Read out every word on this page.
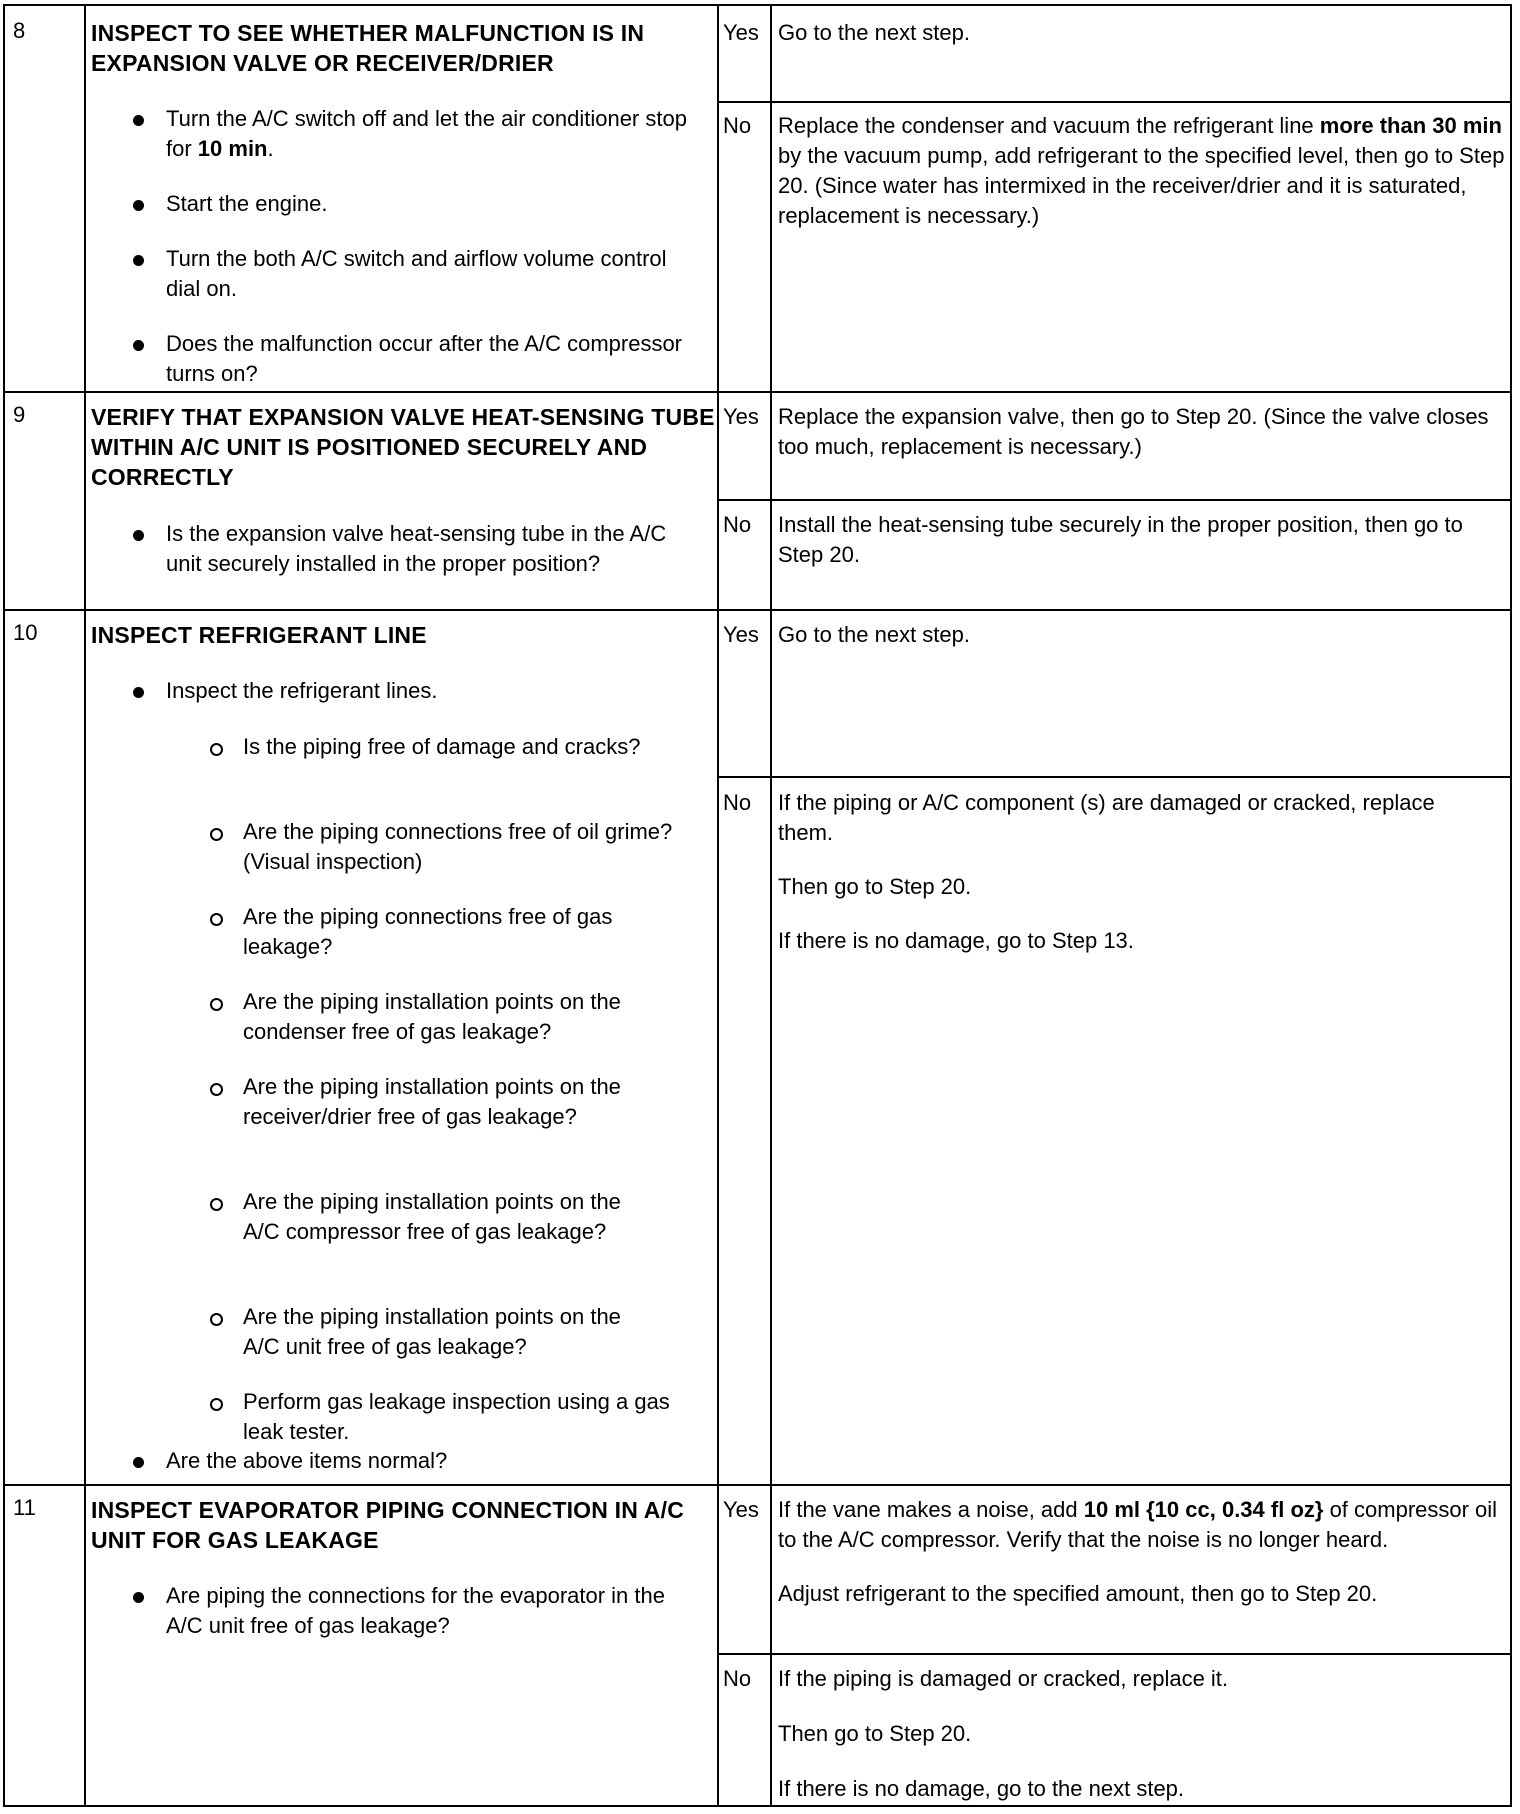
8	INSPECT TO SEE WHETHER MALFUNCTION IS IN EXPANSION VALVE OR RECEIVER/DRIER
Turn the A/C switch off and let the air conditioner stop for 10 min.
Start the engine.
Turn the both A/C switch and airflow volume control dial on.
Does the malfunction occur after the A/C compressor turns on?
Yes Go to the next step.
No Replace the condenser and vacuum the refrigerant line more than 30 min by the vacuum pump, add refrigerant to the specified level, then go to Step 20. (Since water has intermixed in the receiver/drier and it is saturated, replacement is necessary.)
9	VERIFY THAT EXPANSION VALVE HEAT-SENSING TUBE WITHIN A/C UNIT IS POSITIONED SECURELY AND CORRECTLY
Is the expansion valve heat-sensing tube in the A/C unit securely installed in the proper position?
Yes Replace the expansion valve, then go to Step 20. (Since the valve closes too much, replacement is necessary.)
No Install the heat-sensing tube securely in the proper position, then go to Step 20.
10 INSPECT REFRIGERANT LINE
Inspect the refrigerant lines.
Is the piping free of damage and cracks?
Are the piping connections free of oil grime? (Visual inspection)
Are the piping connections free of gas leakage?
Are the piping installation points on the condenser free of gas leakage?
Are the piping installation points on the receiver/drier free of gas leakage?
Are the piping installation points on the A/C compressor free of gas leakage?
Are the piping installation points on the A/C unit free of gas leakage?
Perform gas leakage inspection using a gas leak tester.
Are the above items normal?
Yes Go to the next step.
No If the piping or A/C component (s) are damaged or cracked, replace them.

Then go to Step 20.

If there is no damage, go to Step 13.

11 INSPECT EVAPORATOR PIPING CONNECTION IN A/C UNIT FOR GAS LEAKAGE
Are piping the connections for the evaporator in the A/C unit free of gas leakage?
Yes If the vane makes a noise, add 10 ml {10 cc, 0.34 fl oz} of compressor oil to the A/C compressor. Verify that the noise is no longer heard.

Adjust refrigerant to the specified amount, then go to Step 20.

No If the piping is damaged or cracked, replace it.

Then go to Step 20.

If there is no damage, go to the next step.
